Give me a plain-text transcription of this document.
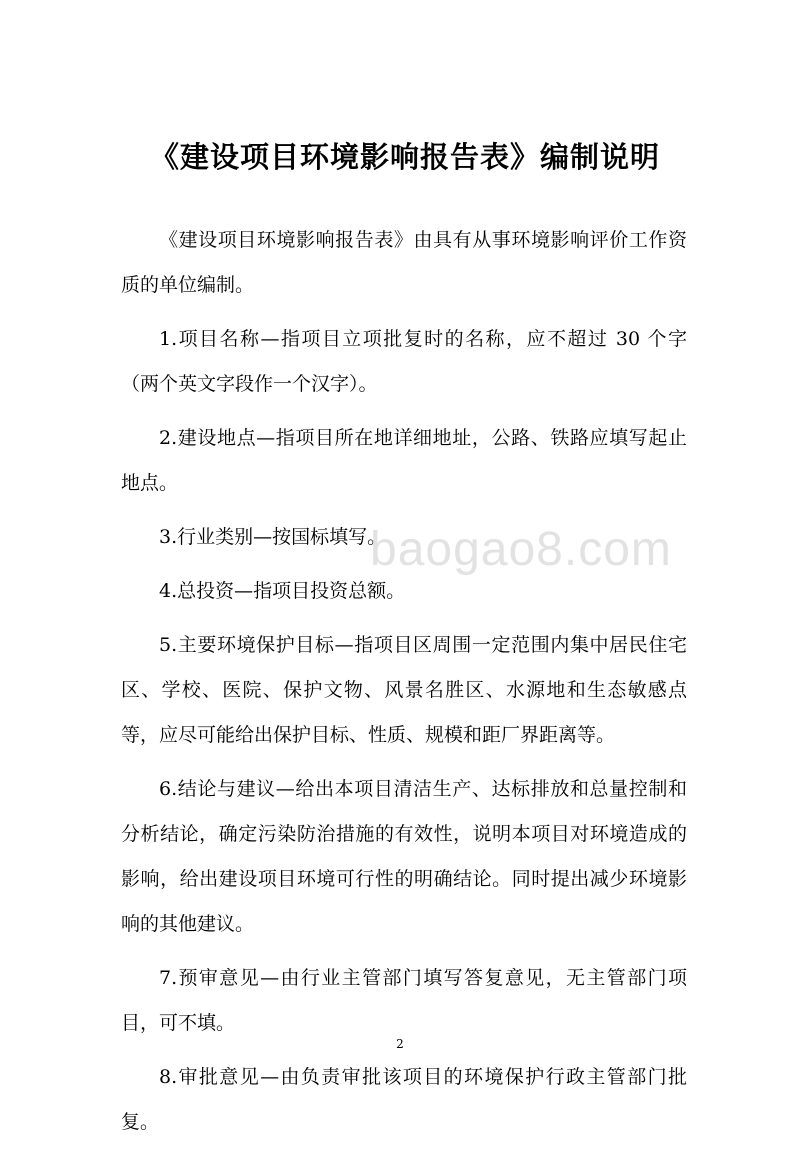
《建设项目环境影响报告表》编制说明

《建设项目环境影响报告表》由具有从事环境影响评价工作资质的单位编制。

1.项目名称—指项目立项批复时的名称，应不超过 30 个字（两个英文字段作一个汉字）。

2.建设地点—指项目所在地详细地址，公路、铁路应填写起止地点。

3.行业类别—按国标填写。

4.总投资—指项目投资总额。

5.主要环境保护目标—指项目区周围一定范围内集中居民住宅区、学校、医院、保护文物、风景名胜区、水源地和生态敏感点等，应尽可能给出保护目标、性质、规模和距厂界距离等。

6.结论与建议—给出本项目清洁生产、达标排放和总量控制和分析结论，确定污染防治措施的有效性，说明本项目对环境造成的影响，给出建设项目环境可行性的明确结论。同时提出减少环境影响的其他建议。

7.预审意见—由行业主管部门填写答复意见，无主管部门项目，可不填。

8.审批意见—由负责审批该项目的环境保护行政主管部门批复。

baogao8.com
2
